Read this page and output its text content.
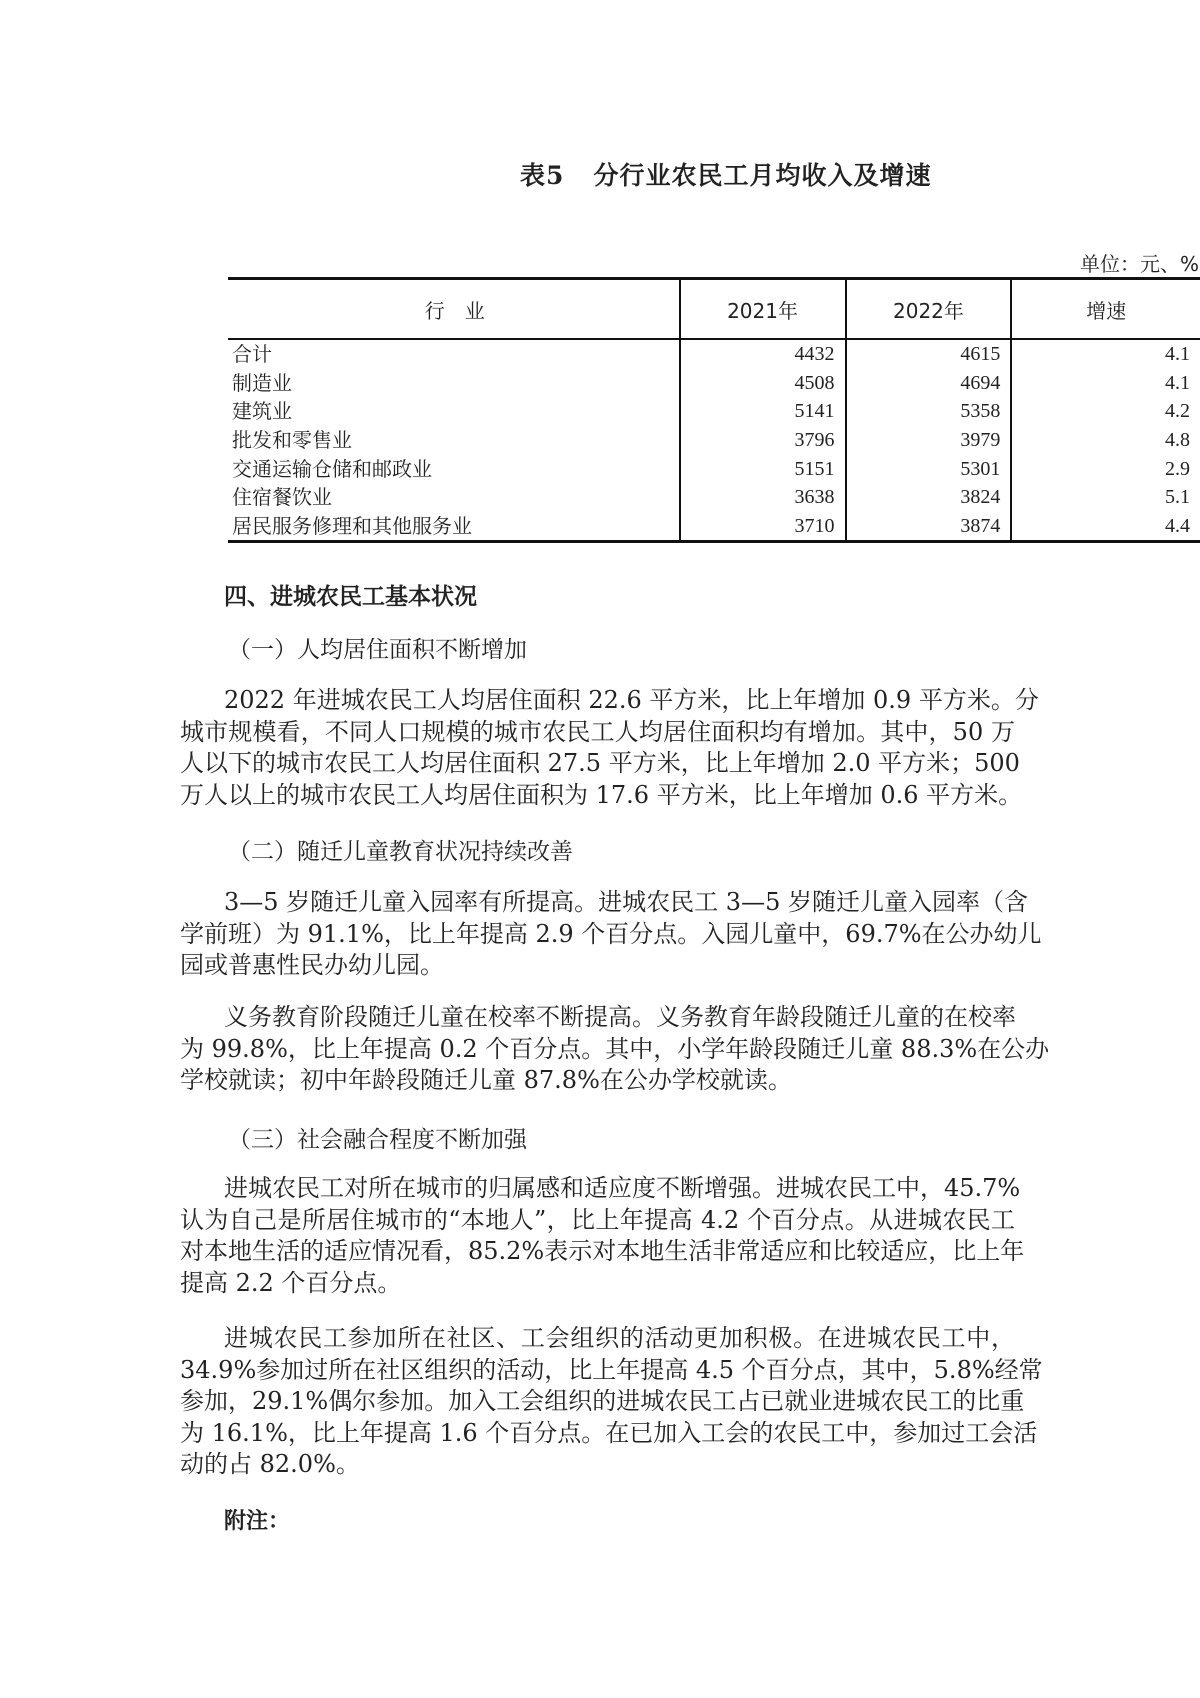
表5   分行业农民工月均收入及增速
单位：元、%
行　业	2021年	2022年	增速
合计	4432	4615	4.1
制造业	4508	4694	4.1
建筑业	5141	5358	4.2
批发和零售业	3796	3979	4.8
交通运输仓储和邮政业	5151	5301	2.9
住宿餐饮业	3638	3824	5.1
居民服务修理和其他服务业	3710	3874	4.4
四、进城农民工基本状况
（一）人均居住面积不断增加
2022 年进城农民工人均居住面积 22.6 平方米，比上年增加 0.9 平方米。分
城市规模看，不同人口规模的城市农民工人均居住面积均有增加。其中，50 万
人以下的城市农民工人均居住面积 27.5 平方米，比上年增加 2.0 平方米；500
万人以上的城市农民工人均居住面积为 17.6 平方米，比上年增加 0.6 平方米。
（二）随迁儿童教育状况持续改善
3—5 岁随迁儿童入园率有所提高。进城农民工 3—5 岁随迁儿童入园率（含
学前班）为 91.1%，比上年提高 2.9 个百分点。入园儿童中，69.7%在公办幼儿
园或普惠性民办幼儿园。
义务教育阶段随迁儿童在校率不断提高。义务教育年龄段随迁儿童的在校率
为 99.8%，比上年提高 0.2 个百分点。其中，小学年龄段随迁儿童 88.3%在公办
学校就读；初中年龄段随迁儿童 87.8%在公办学校就读。
（三）社会融合程度不断加强
进城农民工对所在城市的归属感和适应度不断增强。进城农民工中，45.7%
认为自己是所居住城市的“本地人”，比上年提高 4.2 个百分点。从进城农民工
对本地生活的适应情况看，85.2%表示对本地生活非常适应和比较适应，比上年
提高 2.2 个百分点。
进城农民工参加所在社区、工会组织的活动更加积极。在进城农民工中，
34.9%参加过所在社区组织的活动，比上年提高 4.5 个百分点，其中，5.8%经常
参加，29.1%偶尔参加。加入工会组织的进城农民工占已就业进城农民工的比重
为 16.1%，比上年提高 1.6 个百分点。在已加入工会的农民工中，参加过工会活
动的占 82.0%。
附注：
